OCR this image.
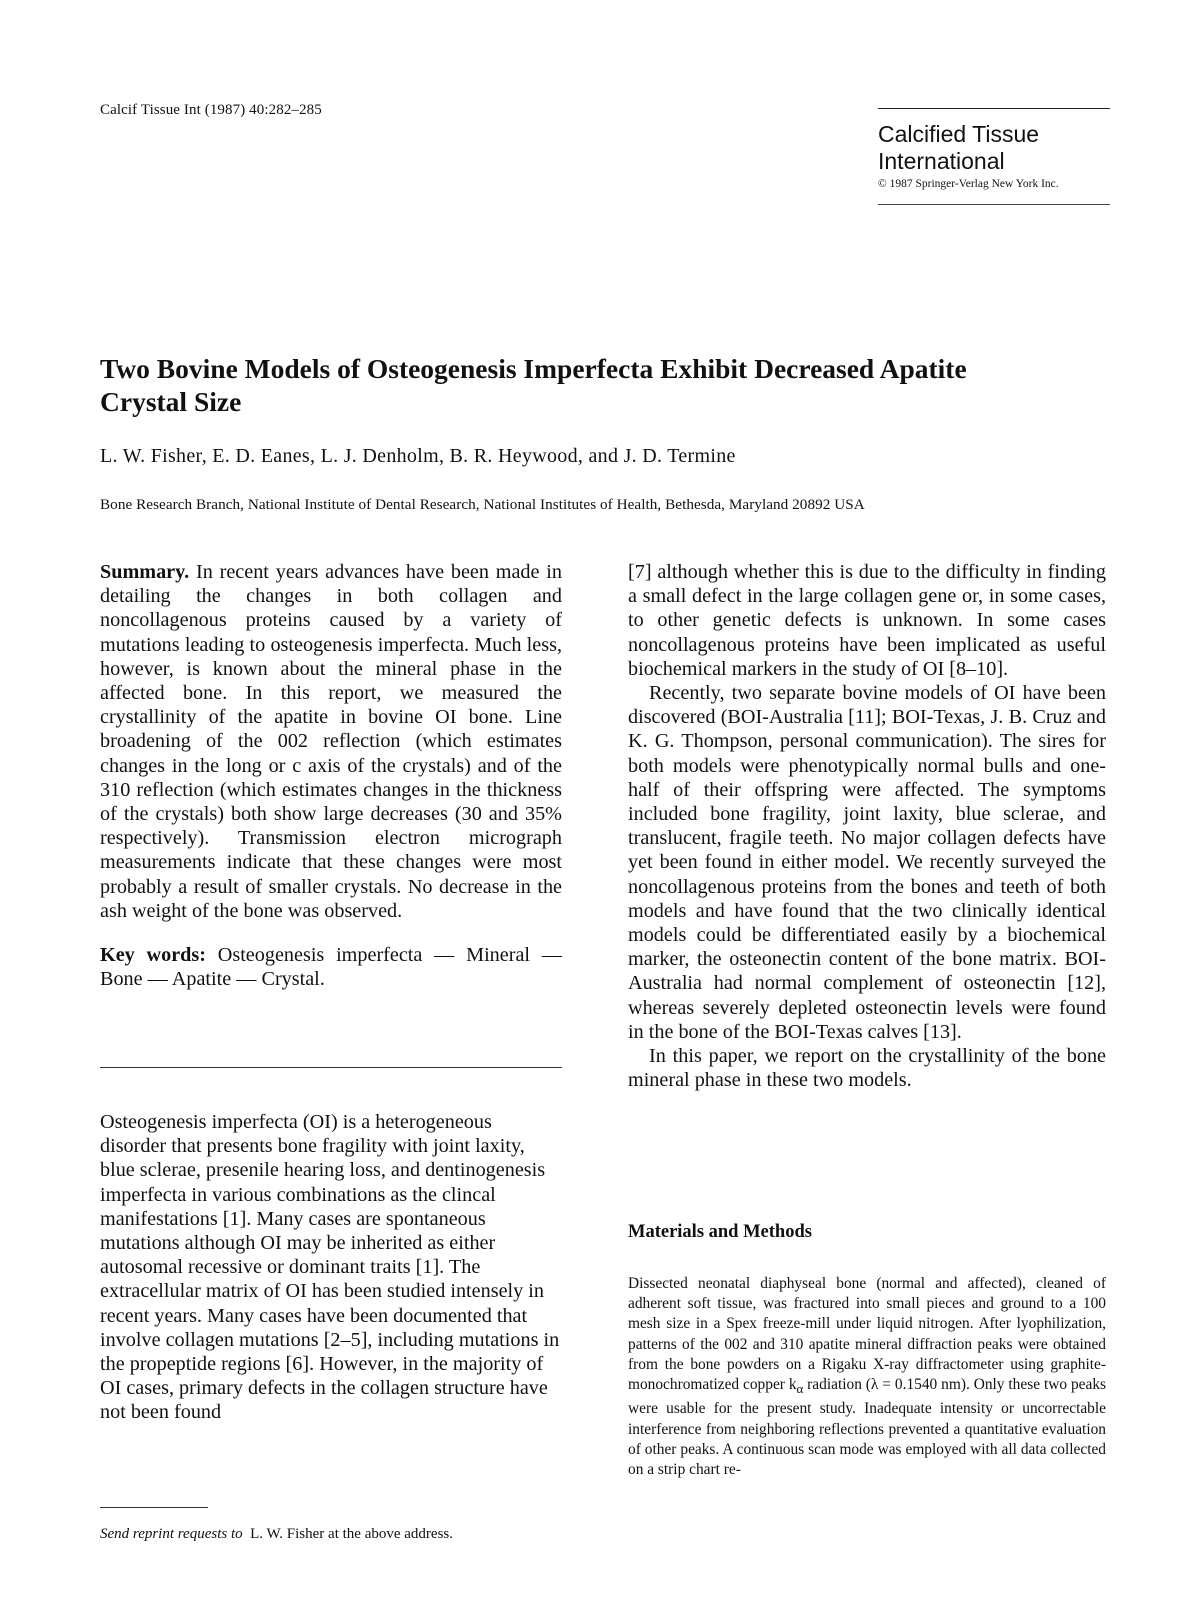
Calcif Tissue Int (1987) 40:282–285
Calcified Tissue International
© 1987 Springer-Verlag New York Inc.
Two Bovine Models of Osteogenesis Imperfecta Exhibit Decreased Apatite Crystal Size
L. W. Fisher, E. D. Eanes, L. J. Denholm, B. R. Heywood, and J. D. Termine
Bone Research Branch, National Institute of Dental Research, National Institutes of Health, Bethesda, Maryland 20892 USA

Summary. In recent years advances have been made in detailing the changes in both collagen and noncollagenous proteins caused by a variety of mutations leading to osteogenesis imperfecta. Much less, however, is known about the mineral phase in the affected bone. In this report, we measured the crystallinity of the apatite in bovine OI bone. Line broadening of the 002 reflection (which estimates changes in the long or c axis of the crystals) and of the 310 reflection (which estimates changes in the thickness of the crystals) both show large decreases (30 and 35% respectively). Transmission electron micrograph measurements indicate that these changes were most probably a result of smaller crystals. No decrease in the ash weight of the bone was observed.

Key words: Osteogenesis imperfecta — Mineral — Bone — Apatite — Crystal.

Osteogenesis imperfecta (OI) is a heterogeneous disorder that presents bone fragility with joint laxity, blue sclerae, presenile hearing loss, and dentinogenesis imperfecta in various combinations as the clincal manifestations [1]. Many cases are spontaneous mutations although OI may be inherited as either autosomal recessive or dominant traits [1]. The extracellular matrix of OI has been studied intensely in recent years. Many cases have been documented that involve collagen mutations [2–5], including mutations in the propeptide regions [6]. However, in the majority of OI cases, primary defects in the collagen structure have not been found

Send reprint requests to L. W. Fisher at the above address.

[7] although whether this is due to the difficulty in finding a small defect in the large collagen gene or, in some cases, to other genetic defects is unknown. In some cases noncollagenous proteins have been implicated as useful biochemical markers in the study of OI [8–10].

Recently, two separate bovine models of OI have been discovered (BOI-Australia [11]; BOI-Texas, J. B. Cruz and K. G. Thompson, personal communication). The sires for both models were phenotypically normal bulls and one-half of their offspring were affected. The symptoms included bone fragility, joint laxity, blue sclerae, and translucent, fragile teeth. No major collagen defects have yet been found in either model. We recently surveyed the noncollagenous proteins from the bones and teeth of both models and have found that the two clinically identical models could be differentiated easily by a biochemical marker, the osteonectin content of the bone matrix. BOI-Australia had normal complement of osteonectin [12], whereas severely depleted osteonectin levels were found in the bone of the BOI-Texas calves [13].

In this paper, we report on the crystallinity of the bone mineral phase in these two models.

Materials and Methods

Dissected neonatal diaphyseal bone (normal and affected), cleaned of adherent soft tissue, was fractured into small pieces and ground to a 100 mesh size in a Spex freeze-mill under liquid nitrogen. After lyophilization, patterns of the 002 and 310 apatite mineral diffraction peaks were obtained from the bone powders on a Rigaku X-ray diffractometer using graphite-monochromatized copper $k_\alpha$ radiation (λ = 0.1540 nm). Only these two peaks were usable for the present study. Inadequate intensity or uncorrectable interference from neighboring reflections prevented a quantitative evaluation of other peaks. A continuous scan mode was employed with all data collected on a strip chart re-
